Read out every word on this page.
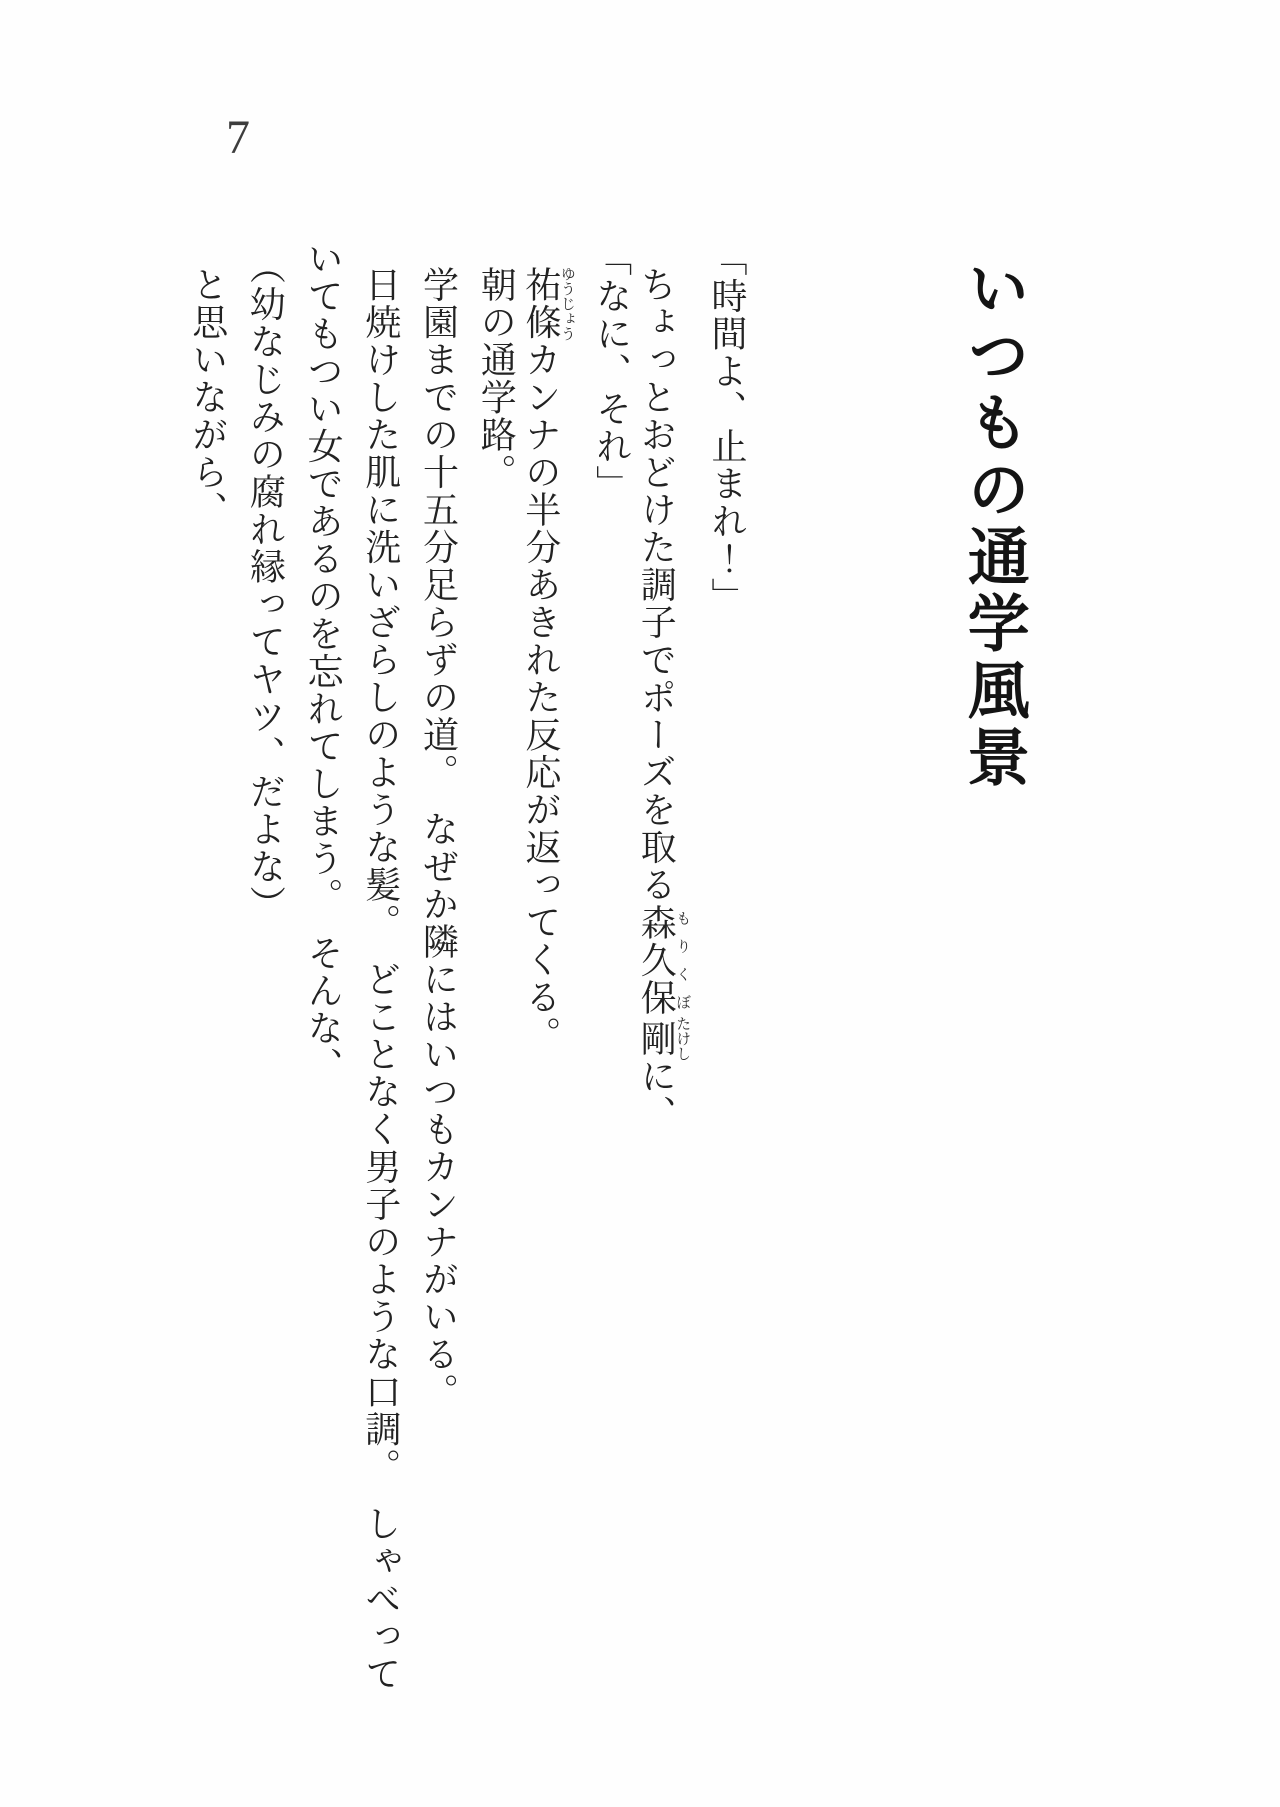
7
いつもの通学風景
「時間よ、止まれ！」
ちょっとおどけた調子でポーズを取る森久保もりくぼ剛たけしに、
「なに、それ」
祐條ゆうじょうカンナの半分あきれた反応が返ってくる。
朝の通学路。
学園までの十五分足らずの道。　なぜか隣にはいつもカンナがいる。
日焼けした肌に洗いざらしのような髪。　どことなく男子のような口調。　しゃべって
いてもつい女であるのを忘れてしまう。　そんな、
（幼なじみの腐れ縁ってヤツ、だよな）
と思いながら、
